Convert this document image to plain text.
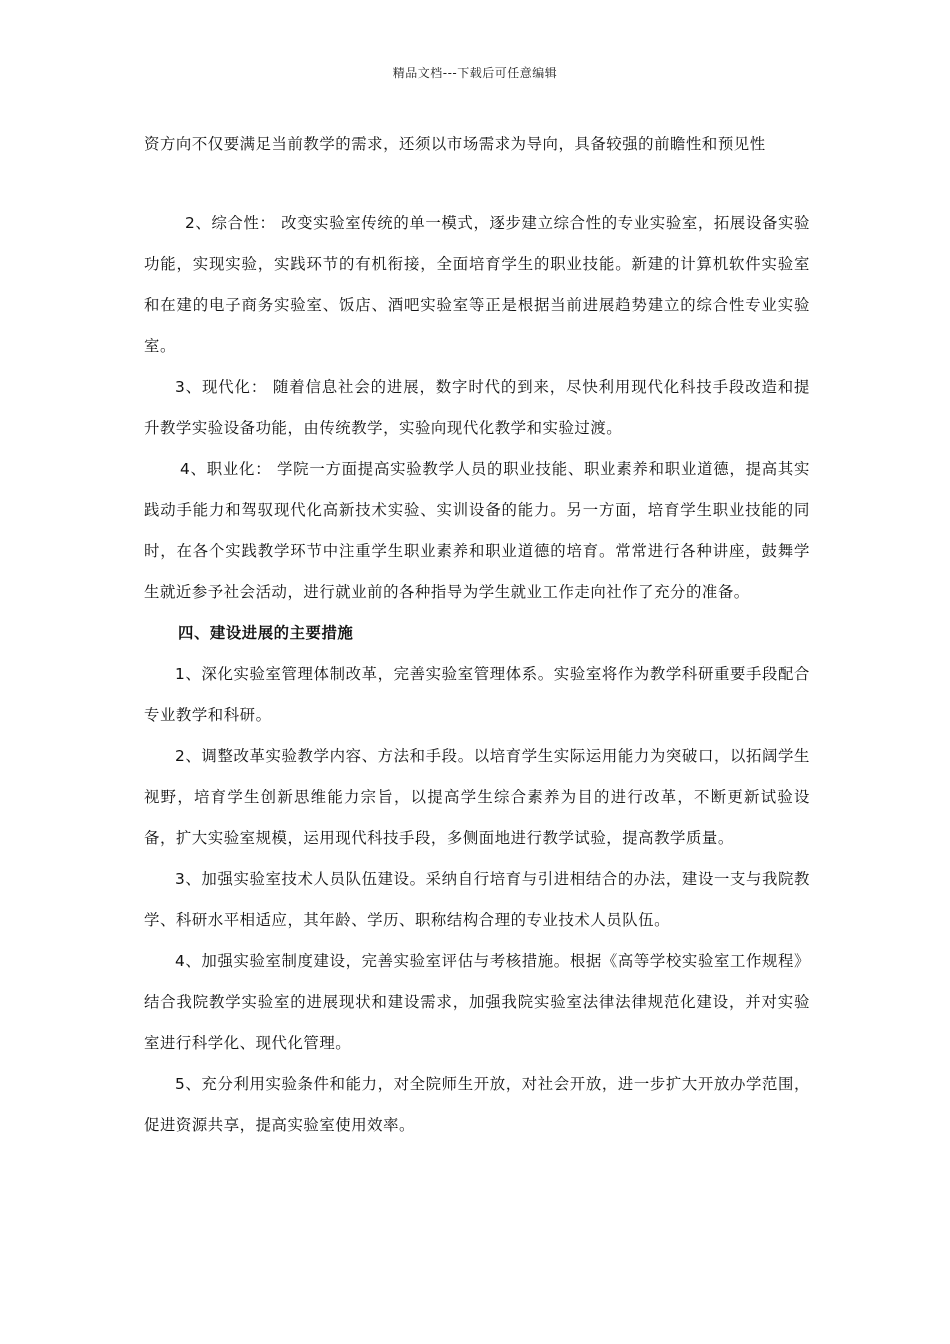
精品文档---下载后可任意编辑

资方向不仅要满足当前教学的需求，还须以市场需求为导向，具备较强的前瞻性和预见性

2、综合性： 改变实验室传统的单一模式，逐步建立综合性的专业实验室，拓展设备实验功能，实现实验，实践环节的有机衔接，全面培育学生的职业技能。新建的计算机软件实验室和在建的电子商务实验室、饭店、酒吧实验室等正是根据当前进展趋势建立的综合性专业实验室。

3、现代化： 随着信息社会的进展，数字时代的到来，尽快利用现代化科技手段改造和提升教学实验设备功能，由传统教学，实验向现代化教学和实验过渡。

4、职业化： 学院一方面提高实验教学人员的职业技能、职业素养和职业道德，提高其实践动手能力和驾驭现代化高新技术实验、实训设备的能力。另一方面，培育学生职业技能的同时，在各个实践教学环节中注重学生职业素养和职业道德的培育。常常进行各种讲座，鼓舞学生就近参予社会活动，进行就业前的各种指导为学生就业工作走向社作了充分的准备。

四、建设进展的主要措施

1、深化实验室管理体制改革，完善实验室管理体系。实验室将作为教学科研重要手段配合专业教学和科研。

2、调整改革实验教学内容、方法和手段。以培育学生实际运用能力为突破口，以拓阔学生视野，培育学生创新思维能力宗旨，以提高学生综合素养为目的进行改革，不断更新试验设备，扩大实验室规模，运用现代科技手段，多侧面地进行教学试验，提高教学质量。

3、加强实验室技术人员队伍建设。采纳自行培育与引进相结合的办法，建设一支与我院教学、科研水平相适应，其年龄、学历、职称结构合理的专业技术人员队伍。

4、加强实验室制度建设，完善实验室评估与考核措施。根据《高等学校实验室工作规程》结合我院教学实验室的进展现状和建设需求，加强我院实验室法律法律规范化建设，并对实验室进行科学化、现代化管理。

5、充分利用实验条件和能力，对全院师生开放，对社会开放，进一步扩大开放办学范围，促进资源共享，提高实验室使用效率。
